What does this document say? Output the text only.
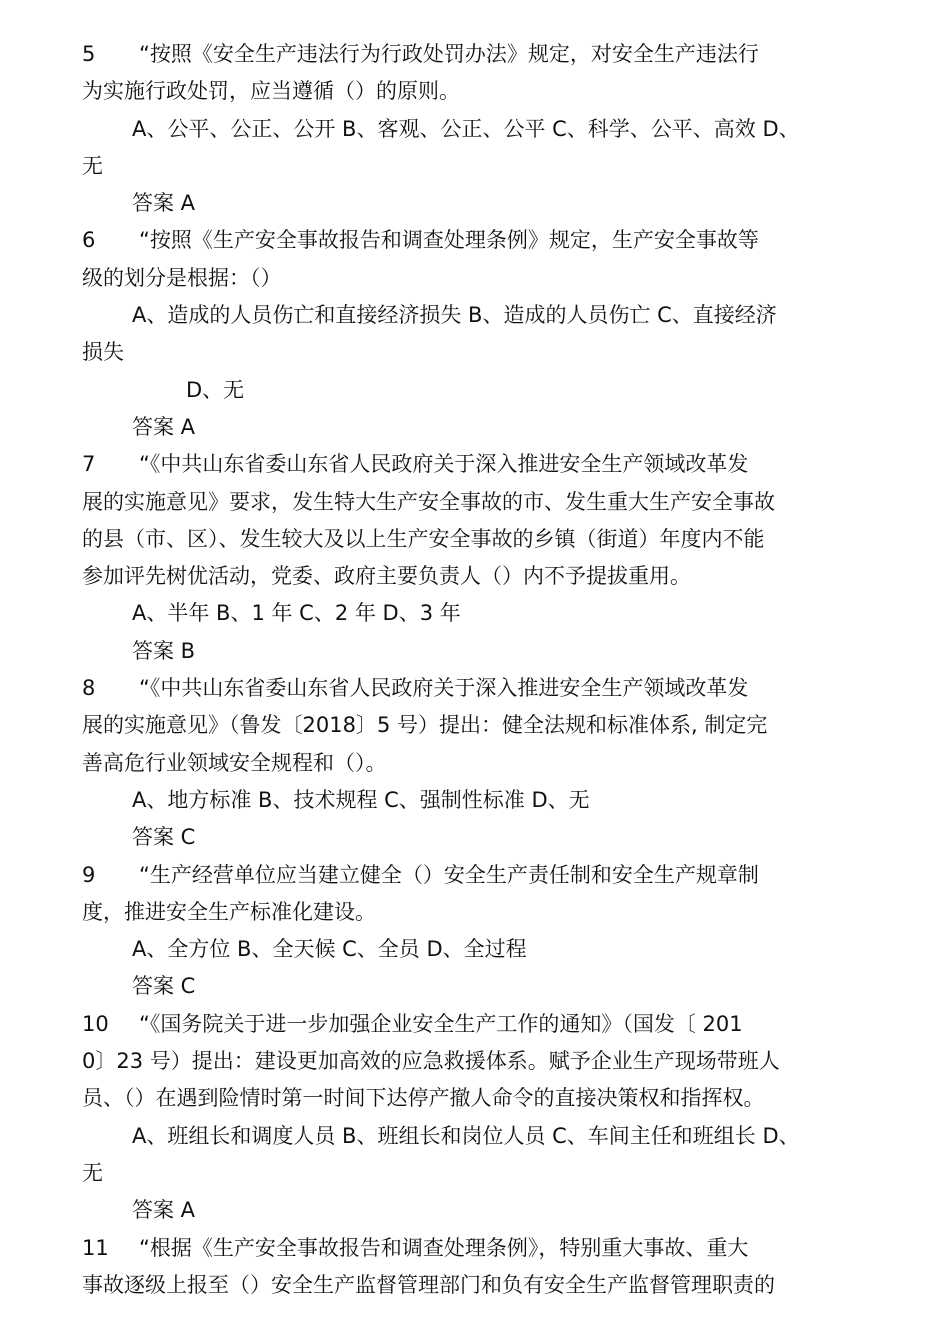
5 “按照《安全生产违法行为行政处罚办法》规定，对安全生产违法行
为实施行政处罚，应当遵循（）的原则。
A、公平、公正、公开 B、客观、公正、公平 C、科学、公平、高效 D、
无
答案 A
6 “按照《生产安全事故报告和调查处理条例》规定，生产安全事故等
级的划分是根据：（）
A、造成的人员伤亡和直接经济损失 B、造成的人员伤亡 C、直接经济
损失
D、无
答案 A
7 “《中共山东省委山东省人民政府关于深入推进安全生产领域改革发
展的实施意见》要求，发生特大生产安全事故的市、发生重大生产安全事故
的县（市、区）、发生较大及以上生产安全事故的乡镇（街道）年度内不能
参加评先树优活动，党委、政府主要负责人（）内不予提拔重用。
A、半年 B、1 年 C、2 年 D、3 年
答案 B
8 “《中共山东省委山东省人民政府关于深入推进安全生产领域改革发
展的实施意见》（鲁发〔2018〕5 号）提出：健全法规和标准体系, 制定完
善高危行业领域安全规程和（）。
A、地方标准 B、技术规程 C、强制性标准 D、无
答案 C
9 “生产经营单位应当建立健全（）安全生产责任制和安全生产规章制
度，推进安全生产标准化建设。
A、全方位 B、全天候 C、全员 D、全过程
答案 C
10 “《国务院关于进一步加强企业安全生产工作的通知》（国发〔 201
0〕23 号）提出：建设更加高效的应急救援体系。赋予企业生产现场带班人
员、（）在遇到险情时第一时间下达停产撤人命令的直接决策权和指挥权。
A、班组长和调度人员 B、班组长和岗位人员 C、车间主任和班组长 D、
无
答案 A
11 “根据《生产安全事故报告和调查处理条例》，特别重大事故、重大
事故逐级上报至（）安全生产监督管理部门和负有安全生产监督管理职责的
